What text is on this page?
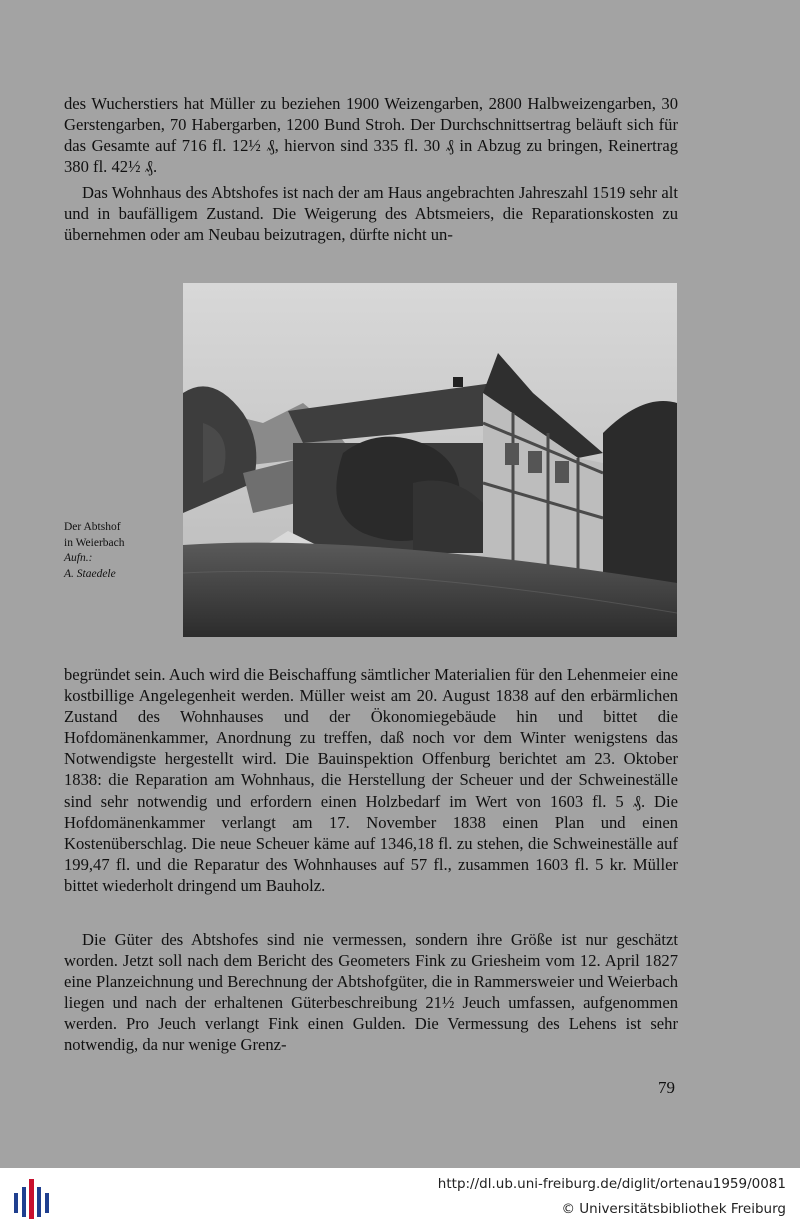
des Wucherstiers hat Müller zu beziehen 1900 Weizengarben, 2800 Halbweizengarben, 30 Gerstengarben, 70 Habergarben, 1200 Bund Stroh. Der Durchschnittsertrag beläuft sich für das Gesamte auf 716 fl. 12½ ₰, hiervon sind 335 fl. 30 ₰ in Abzug zu bringen, Reinertrag 380 fl. 42½ ₰.

Das Wohnhaus des Abtshofes ist nach der am Haus angebrachten Jahreszahl 1519 sehr alt und in baufälligem Zustand. Die Weigerung des Abtsmeiers, die Reparationskosten zu übernehmen oder am Neubau beizutragen, dürfte nicht un-

Der Abtshof
in Weierbach
Aufn.:
A. Staedele

begründet sein. Auch wird die Beischaffung sämtlicher Materialien für den Lehenmeier eine kostbillige Angelegenheit werden. Müller weist am 20. August 1838 auf den erbärmlichen Zustand des Wohnhauses und der Ökonomiegebäude hin und bittet die Hofdomänenkammer, Anordnung zu treffen, daß noch vor dem Winter wenigstens das Notwendigste hergestellt wird. Die Bauinspektion Offenburg berichtet am 23. Oktober 1838: die Reparation am Wohnhaus, die Herstellung der Scheuer und der Schweineställe sind sehr notwendig und erfordern einen Holzbedarf im Wert von 1603 fl. 5 ₰. Die Hofdomänenkammer verlangt am 17. November 1838 einen Plan und einen Kostenüberschlag. Die neue Scheuer käme auf 1346,18 fl. zu stehen, die Schweineställe auf 199,47 fl. und die Reparatur des Wohnhauses auf 57 fl., zusammen 1603 fl. 5 kr. Müller bittet wiederholt dringend um Bauholz.

Die Güter des Abtshofes sind nie vermessen, sondern ihre Größe ist nur geschätzt worden. Jetzt soll nach dem Bericht des Geometers Fink zu Griesheim vom 12. April 1827 eine Planzeichnung und Berechnung der Abtshofgüter, die in Rammersweier und Weierbach liegen und nach der erhaltenen Güterbeschreibung 21½ Jeuch umfassen, aufgenommen werden. Pro Jeuch verlangt Fink einen Gulden. Die Vermessung des Lehens ist sehr notwendig, da nur wenige Grenz-

79
http://dl.ub.uni-freiburg.de/diglit/ortenau1959/0081
© Universitätsbibliothek Freiburg
